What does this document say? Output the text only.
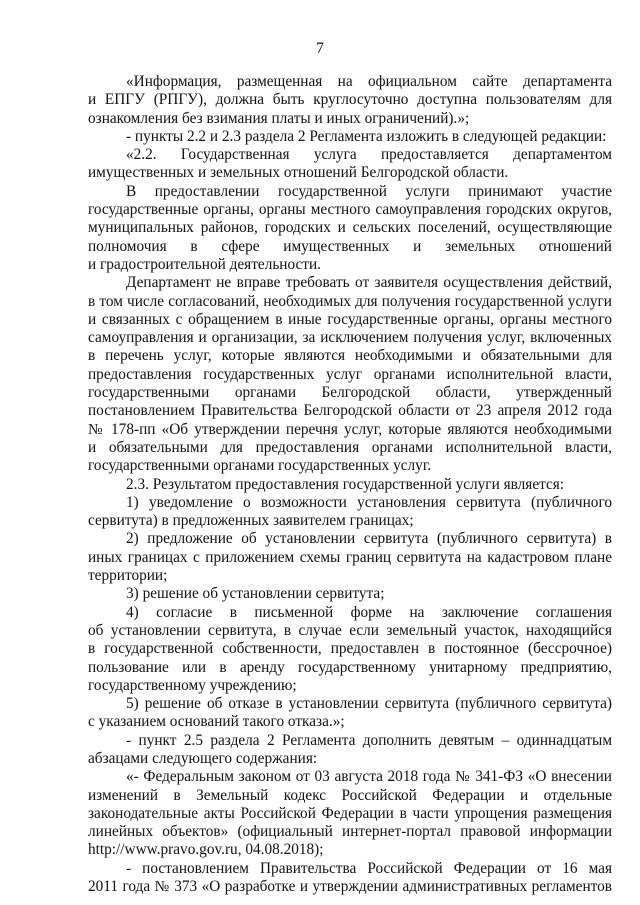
7
«Информация, размещенная на официальном сайте департамента
и ЕПГУ (РПГУ), должна быть круглосуточно доступна пользователям для
ознакомления без взимания платы и иных ограничений).»;
- пункты 2.2 и 2.3 раздела 2 Регламента изложить в следующей редакции:
«2.2. Государственная услуга предоставляется департаментом
имущественных и земельных отношений Белгородской области.
В предоставлении государственной услуги принимают участие
государственные органы, органы местного самоуправления городских округов,
муниципальных районов, городских и сельских поселений, осуществляющие
полномочия в сфере имущественных и земельных отношений
и градостроительной деятельности.
Департамент не вправе требовать от заявителя осуществления действий,
в том числе согласований, необходимых для получения государственной услуги
и связанных с обращением в иные государственные органы, органы местного
самоуправления и организации, за исключением получения услуг, включенных
в перечень услуг, которые являются необходимыми и обязательными для
предоставления государственных услуг органами исполнительной власти,
государственными органами Белгородской области, утвержденный
постановлением Правительства Белгородской области от 23 апреля 2012 года
№ 178-пп «Об утверждении перечня услуг, которые являются необходимыми
и обязательными для предоставления органами исполнительной власти,
государственными органами государственных услуг.
2.3. Результатом предоставления государственной услуги является:
1) уведомление о возможности установления сервитута (публичного
сервитута) в предложенных заявителем границах;
2) предложение об установлении сервитута (публичного сервитута) в
иных границах с приложением схемы границ сервитута на кадастровом плане
территории;
3) решение об установлении сервитута;
4) согласие в письменной форме на заключение соглашения
об установлении сервитута, в случае если земельный участок, находящийся
в государственной собственности, предоставлен в постоянное (бессрочное)
пользование или в аренду государственному унитарному предприятию,
государственному учреждению;
5) решение об отказе в установлении сервитута (публичного сервитута)
с указанием оснований такого отказа.»;
- пункт 2.5 раздела 2 Регламента дополнить девятым – одиннадцатым
абзацами следующего содержания:
«- Федеральным законом от 03 августа 2018 года № 341-ФЗ «О внесении
изменений в Земельный кодекс Российской Федерации и отдельные
законодательные акты Российской Федерации в части упрощения размещения
линейных объектов» (официальный интернет-портал правовой информации
http://www.pravo.gov.ru, 04.08.2018);
- постановлением Правительства Российской Федерации от 16 мая
2011 года № 373 «О разработке и утверждении административных регламентов
